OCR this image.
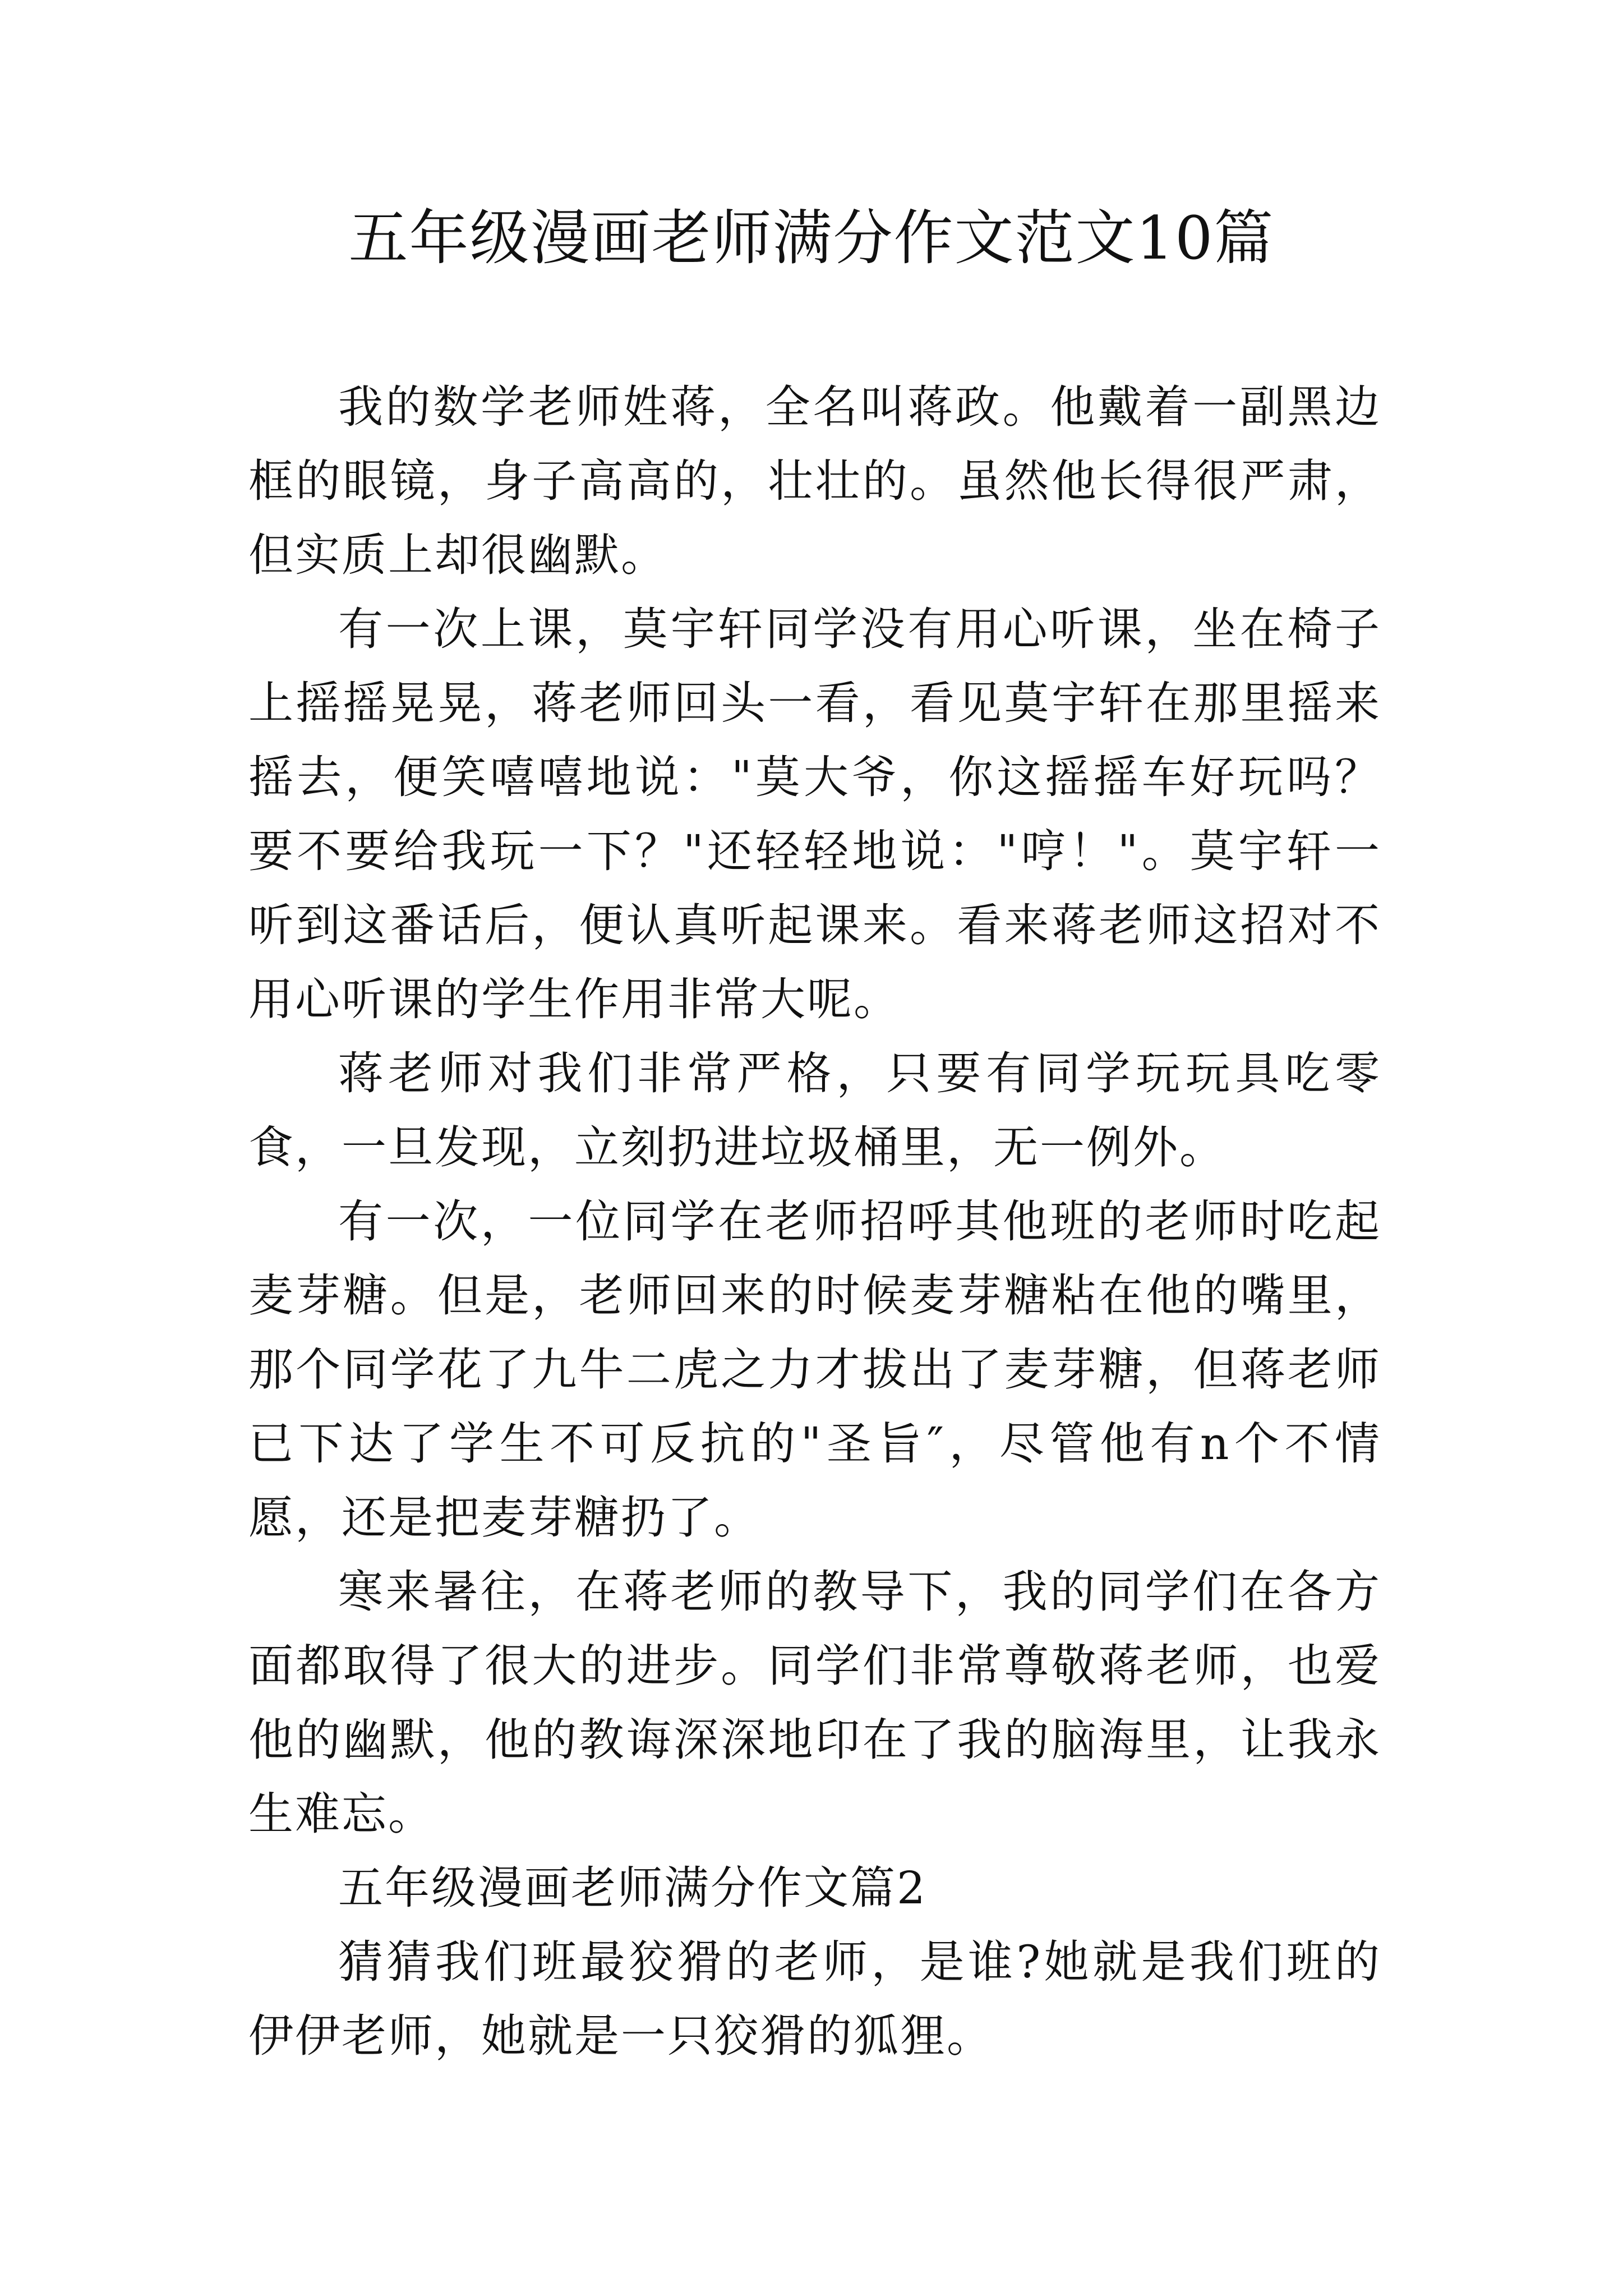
五年级漫画老师满分作文范文10篇

我的数学老师姓蒋，全名叫蒋政。他戴着一副黑边框的眼镜，身子高高的，壮壮的。虽然他长得很严肃，但实质上却很幽默。

有一次上课，莫宇轩同学没有用心听课，坐在椅子上摇摇晃晃，蒋老师回头一看，看见莫宇轩在那里摇来摇去，便笑嘻嘻地说："莫大爷，你这摇摇车好玩吗？要不要给我玩一下？"还轻轻地说："哼！"。莫宇轩一听到这番话后，便认真听起课来。看来蒋老师这招对不用心听课的学生作用非常大呢。

蒋老师对我们非常严格，只要有同学玩玩具吃零食，一旦发现，立刻扔进垃圾桶里，无一例外。

有一次，一位同学在老师招呼其他班的老师时吃起麦芽糖。但是，老师回来的时候麦芽糖粘在他的嘴里，那个同学花了九牛二虎之力才拔出了麦芽糖，但蒋老师已下达了学生不可反抗的"圣旨″，尽管他有n个不情愿，还是把麦芽糖扔了。

寒来暑往，在蒋老师的教导下，我的同学们在各方面都取得了很大的进步。同学们非常尊敬蒋老师，也爱他的幽默，他的教诲深深地印在了我的脑海里，让我永生难忘。

五年级漫画老师满分作文篇2

猜猜我们班最狡猾的老师，是谁?她就是我们班的伊伊老师，她就是一只狡猾的狐狸。
